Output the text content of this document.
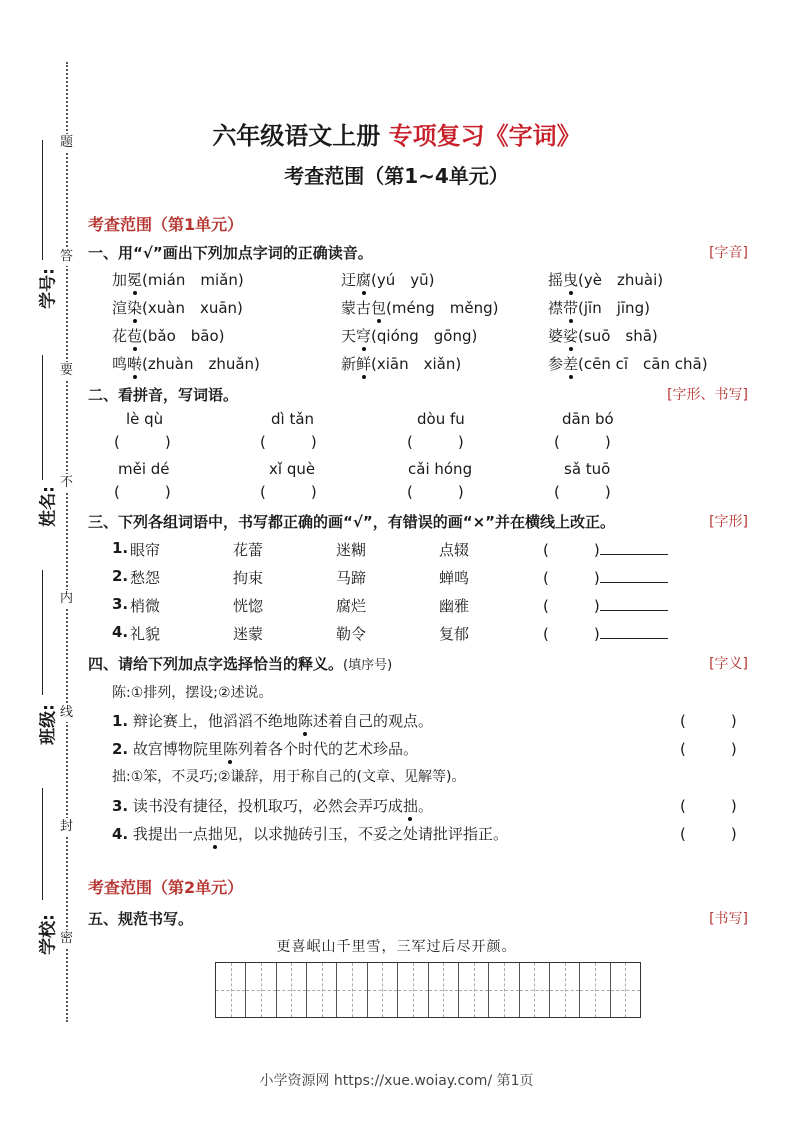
题
答
要
不
内
线
封
密
学号:
姓名:
班级:
学校:
六年级语文上册 专项复习《字词》
考查范围（第1~4单元）
考查范围（第1单元）
一、用“√”画出下列加点字词的正确读音。	[字音]
加冕(mián　miǎn)	迂腐(yú　yū)	摇曳(yè　zhuài)
渲染(xuàn　xuān)	蒙古包(méng　měng)	襟带(jīn　jīng)
花苞(bǎo　bāo)	天穹(qióng　gōng)	婆娑(suō　shā)
鸣啭(zhuàn　zhuǎn)	新鲜(xiān　xiǎn)	参差(cēn cī　cān chā)
二、看拼音，写词语。	[字形、书写]
lè qù	dì tǎn	dòu fu	dān bó
(　　　)	(　　　)	(　　　)	(　　　)
měi dé	xǐ què	cǎi hóng	sǎ tuō
(　　　)	(　　　)	(　　　)	(　　　)
三、下列各组词语中，书写都正确的画“√”，有错误的画“×”并在横线上改正。	[字形]
1. 眼帘	花蕾	迷糊	点辍	(　　　)
2. 愁怨	拘束	马蹄	蝉鸣	(　　　)
3. 梢微	恍惚	腐烂	幽雅	(　　　)
4. 礼貌	迷蒙	勒令	复郁	(　　　)
四、请给下列加点字选择恰当的释义。(填序号)	[字义]
陈:①排列，摆设;②述说。
1. 辩论赛上，他滔滔不绝地陈述着自己的观点。	(　　　)
2. 故宫博物院里陈列着各个时代的艺术珍品。	(　　　)
拙:①笨，不灵巧;②谦辞，用于称自己的(文章、见解等)。
3. 读书没有捷径，投机取巧，必然会弄巧成拙。	(　　　)
4. 我提出一点拙见，以求抛砖引玉，不妥之处请批评指正。	(　　　)
考查范围（第2单元）
五、规范书写。	[书写]
更喜岷山千里雪，三军过后尽开颜。
小学资源网 https://xue.woiay.com/ 第1页
